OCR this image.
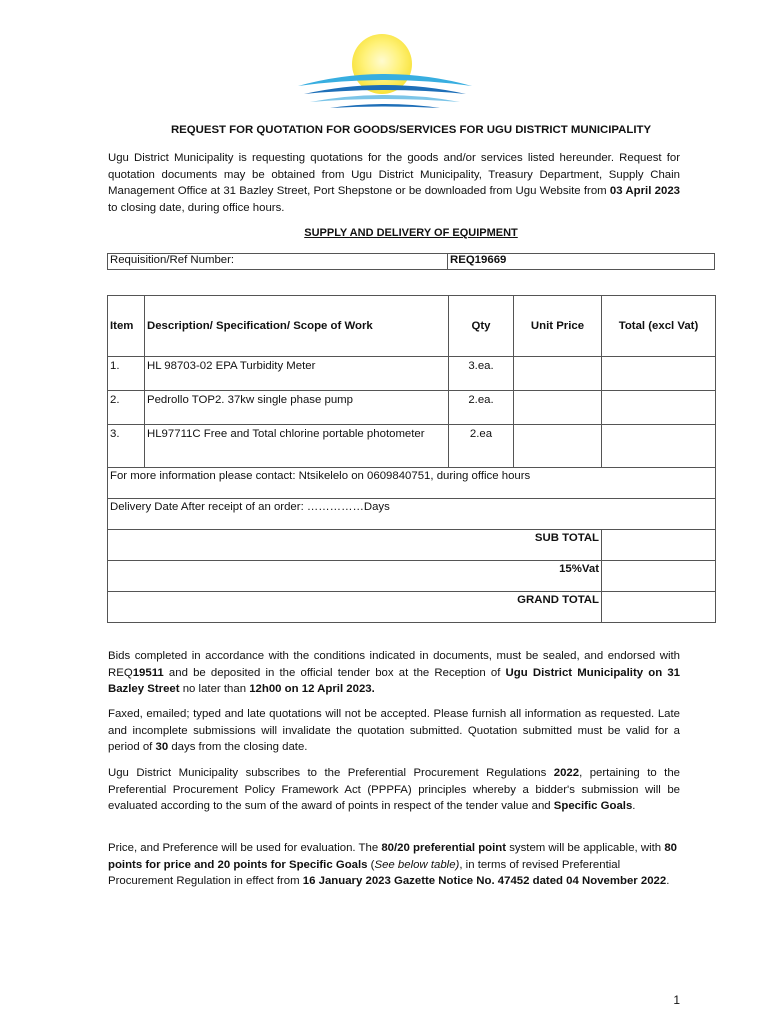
REQUEST FOR QUOTATION FOR GOODS/SERVICES FOR UGU DISTRICT MUNICIPALITY
Ugu District Municipality is requesting quotations for the goods and/or services listed hereunder. Request for quotation documents may be obtained from Ugu District Municipality, Treasury Department, Supply Chain Management Office at 31 Bazley Street, Port Shepstone or be downloaded from Ugu Website from 03 April 2023 to closing date, during office hours.
SUPPLY AND DELIVERY OF EQUIPMENT
Requisition/Ref Number:	REQ19669
Item	Description/ Specification/ Scope of Work	Qty	Unit Price	Total (excl Vat)
1.	HL 98703-02 EPA Turbidity Meter	3.ea.		
2.	Pedrollo TOP2. 37kw single phase pump	2.ea.		
3.	HL97711C Free and Total chlorine portable photometer	2.ea		
For more information please contact: Ntsikelelo on 0609840751, during office hours				
Delivery Date After receipt of an order: ……………Days				
SUB TOTAL				
15%Vat				
GRAND TOTAL				

Bids completed in accordance with the conditions indicated in documents, must be sealed, and endorsed with REQ19511 and be deposited in the official tender box at the Reception of Ugu District Municipality on 31 Bazley Street no later than 12h00 on 12 April 2023.

Faxed, emailed; typed and late quotations will not be accepted. Please furnish all information as requested. Late and incomplete submissions will invalidate the quotation submitted. Quotation submitted must be valid for a period of 30 days from the closing date.

Ugu District Municipality subscribes to the Preferential Procurement Regulations 2022, pertaining to the Preferential Procurement Policy Framework Act (PPPFA) principles whereby a bidder's submission will be evaluated according to the sum of the award of points in respect of the tender value and Specific Goals.

Price, and Preference will be used for evaluation. The 80/20 preferential point system will be applicable, with 80 points for price and 20 points for Specific Goals (See below table), in terms of revised Preferential Procurement Regulation in effect from 16 January 2023 Gazette Notice No. 47452 dated 04 November 2022.

1
